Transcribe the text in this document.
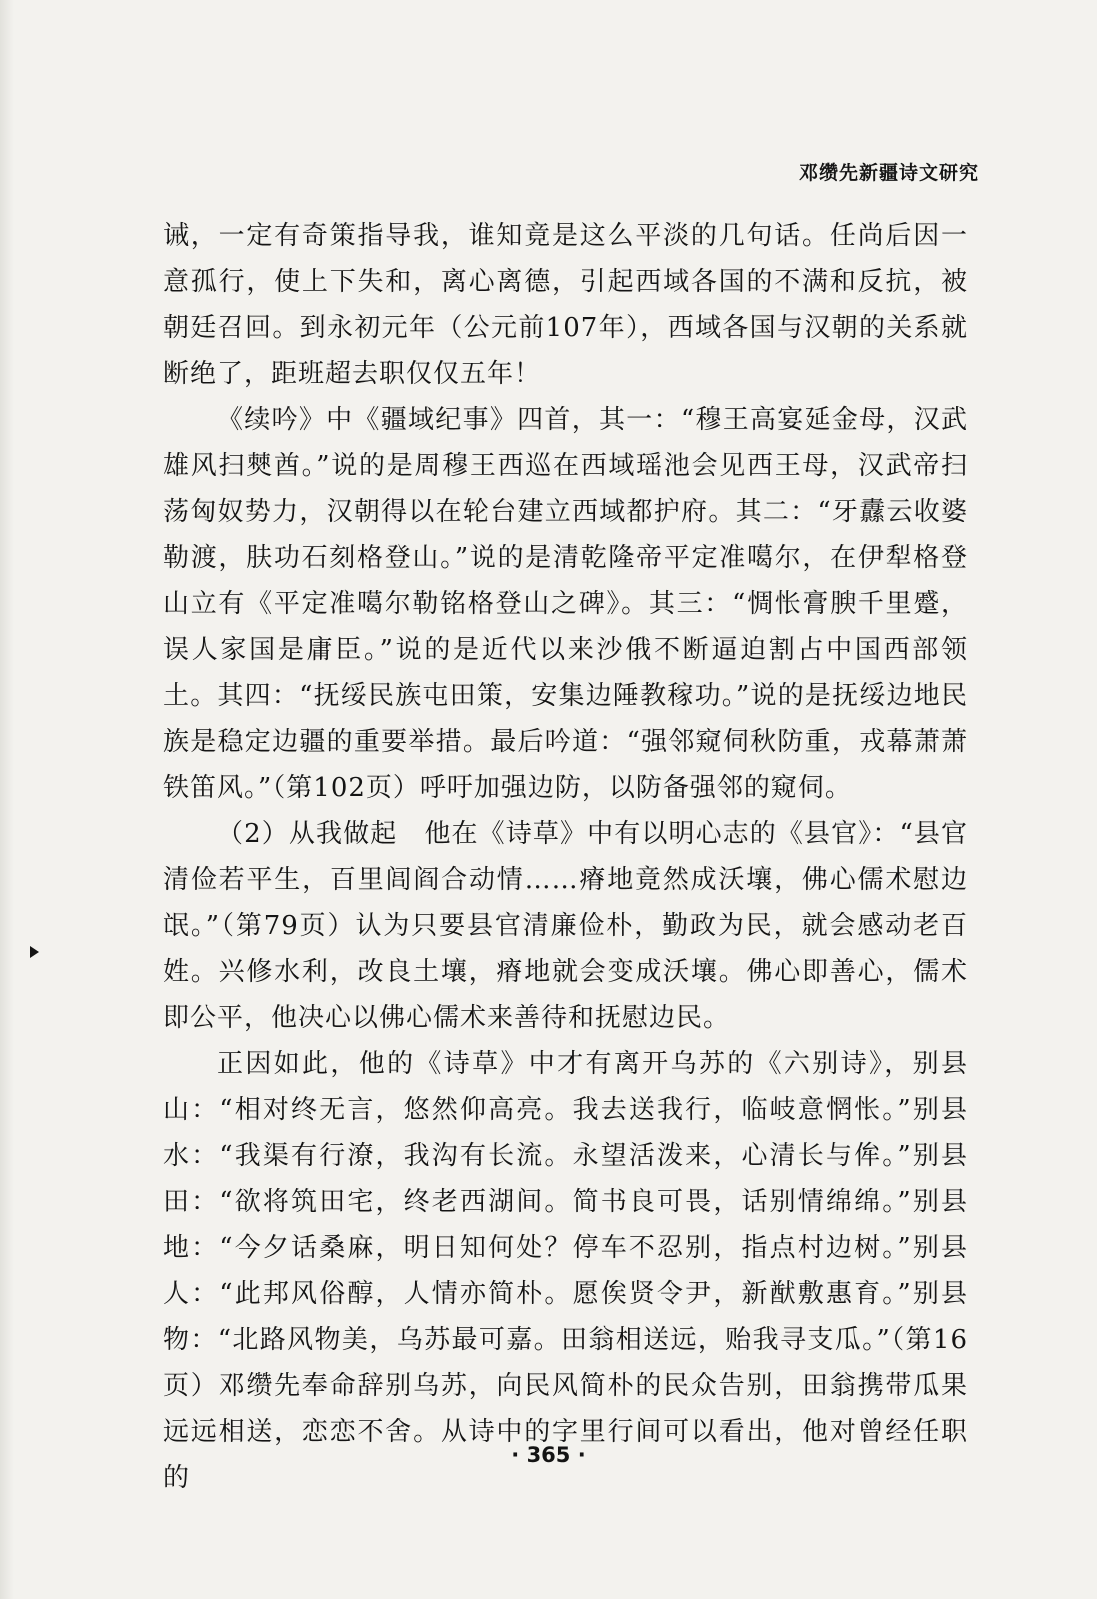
邓缵先新疆诗文研究

诫，一定有奇策指导我，谁知竟是这么平淡的几句话。任尚后因一意孤行，使上下失和，离心离德，引起西域各国的不满和反抗，被朝廷召回。到永初元年（公元前107年），西域各国与汉朝的关系就断绝了，距班超去职仅仅五年！

《续吟》中《疆域纪事》四首，其一：“穆王高宴延金母，汉武雄风扫僰酋。”说的是周穆王西巡在西域瑶池会见西王母，汉武帝扫荡匈奴势力，汉朝得以在轮台建立西域都护府。其二：“牙纛云收婆勒渡，肤功石刻格登山。”说的是清乾隆帝平定准噶尔，在伊犁格登山立有《平定准噶尔勒铭格登山之碑》。其三：“惆怅膏腴千里蹙，误人家国是庸臣。”说的是近代以来沙俄不断逼迫割占中国西部领土。其四：“抚绥民族屯田策，安集边陲教稼功。”说的是抚绥边地民族是稳定边疆的重要举措。最后吟道：“强邻窥伺秋防重，戎幕萧萧铁笛风。”（第102页）呼吁加强边防，以防备强邻的窥伺。

（2）从我做起　他在《诗草》中有以明心志的《县官》：“县官清俭若平生，百里闾阎合动情……瘠地竟然成沃壤，佛心儒术慰边氓。”（第79页）认为只要县官清廉俭朴，勤政为民，就会感动老百姓。兴修水利，改良土壤，瘠地就会变成沃壤。佛心即善心，儒术即公平，他决心以佛心儒术来善待和抚慰边民。

正因如此，他的《诗草》中才有离开乌苏的《六别诗》，别县山：“相对终无言，悠然仰高亮。我去送我行，临岐意惘怅。”别县水：“我渠有行潦，我沟有长流。永望活泼来，心清长与侔。”别县田：“欲将筑田宅，终老西湖间。简书良可畏，话别情绵绵。”别县地：“今夕话桑麻，明日知何处？停车不忍别，指点村边树。”别县人：“此邦风俗醇，人情亦简朴。愿俟贤令尹，新猷敷惠育。”别县物：“北路风物美，乌苏最可嘉。田翁相送远，贻我寻支瓜。”（第16页）邓缵先奉命辞别乌苏，向民风简朴的民众告别，田翁携带瓜果远远相送，恋恋不舍。从诗中的字里行间可以看出，他对曾经任职的

· 365 ·
